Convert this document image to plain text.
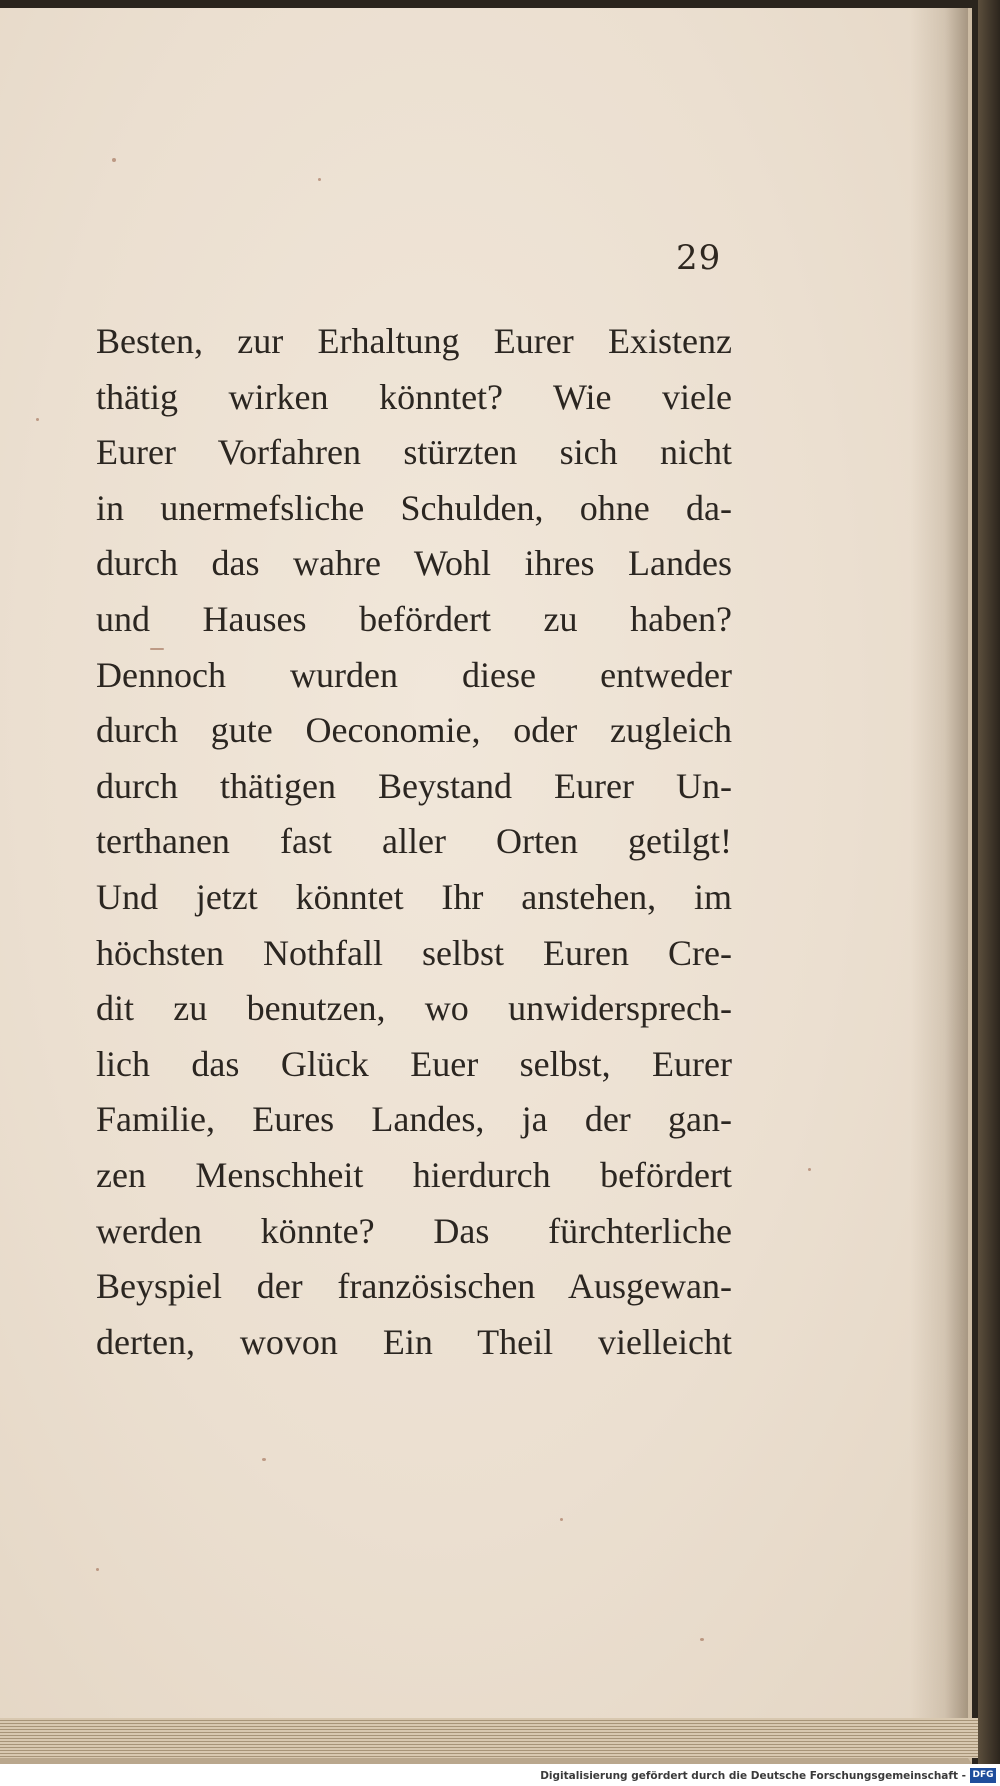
29
Besten, zur Erhaltung Eurer Existenz
thätig wirken könntet? Wie viele
Eurer Vorfahren stürzten sich nicht
in unermefsliche Schulden, ohne da-
durch das wahre Wohl ihres Landes
und Hauses befördert zu haben?
Dennoch wurden diese entweder
durch gute Oeconomie, oder zugleich
durch thätigen Beystand Eurer Un-
terthanen fast aller Orten getilgt!
Und jetzt könntet Ihr anstehen, im
höchsten Nothfall selbst Euren Cre-
dit zu benutzen, wo unwidersprech-
lich das Glück Euer selbst, Eurer
Familie, Eures Landes, ja der gan-
zen Menschheit hierdurch befördert
werden könnte? Das fürchterliche
Beyspiel der französischen Ausgewan-
derten, wovon Ein Theil vielleicht
Digitalisierung gefördert durch die Deutsche Forschungsgemeinschaft - DFG
